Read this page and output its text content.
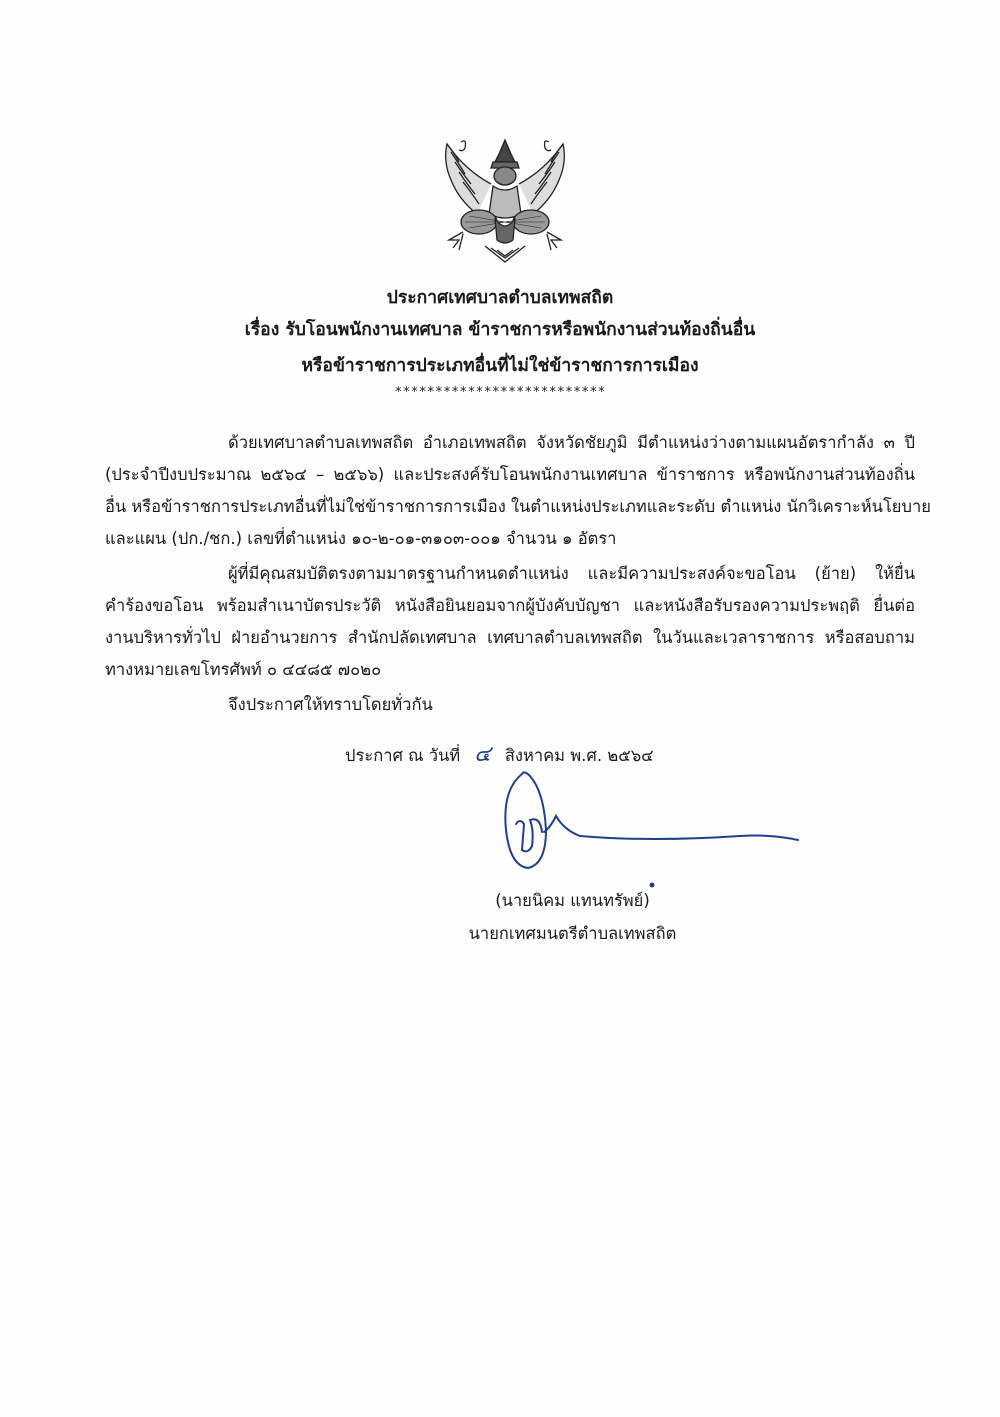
ประกาศเทศบาลตำบลเทพสถิต
เรื่อง รับโอนพนักงานเทศบาล ข้าราชการหรือพนักงานส่วนท้องถิ่นอื่น
หรือข้าราชการประเภทอื่นที่ไม่ใช่ข้าราชการการเมือง
**************************
ด้วยเทศบาลตำบลเทพสถิต อำเภอเทพสถิต จังหวัดชัยภูมิ มีตำแหน่งว่างตามแผนอัตรากำลัง ๓ ปี
(ประจำปีงบประมาณ ๒๕๖๔ – ๒๕๖๖) และประสงค์รับโอนพนักงานเทศบาล ข้าราชการ หรือพนักงานส่วนท้องถิ่น
อื่น หรือข้าราชการประเภทอื่นที่ไม่ใช่ข้าราชการการเมือง ในตำแหน่งประเภทและระดับ ตำแหน่ง นักวิเคราะห์นโยบาย
และแผน (ปก./ชก.) เลขที่ตำแหน่ง ๑๐-๒-๐๑-๓๑๐๓-๐๐๑ จำนวน ๑ อัตรา
ผู้ที่มีคุณสมบัติตรงตามมาตรฐานกำหนดตำแหน่ง และมีความประสงค์จะขอโอน (ย้าย) ให้ยื่น
คำร้องขอโอน พร้อมสำเนาบัตรประวัติ หนังสือยินยอมจากผู้บังคับบัญชา และหนังสือรับรองความประพฤติ ยื่นต่อ
งานบริหารทั่วไป ฝ่ายอำนวยการ สำนักปลัดเทศบาล เทศบาลตำบลเทพสถิต ในวันและเวลาราชการ หรือสอบถาม
ทางหมายเลขโทรศัพท์ ๐ ๔๔๘๕ ๗๐๒๐
จึงประกาศให้ทราบโดยทั่วกัน
ประกาศ ณ วันที่ ๔ สิงหาคม พ.ศ. ๒๕๖๔
(นายนิคม แทนทรัพย์)
นายกเทศมนตรีตำบลเทพสถิต
